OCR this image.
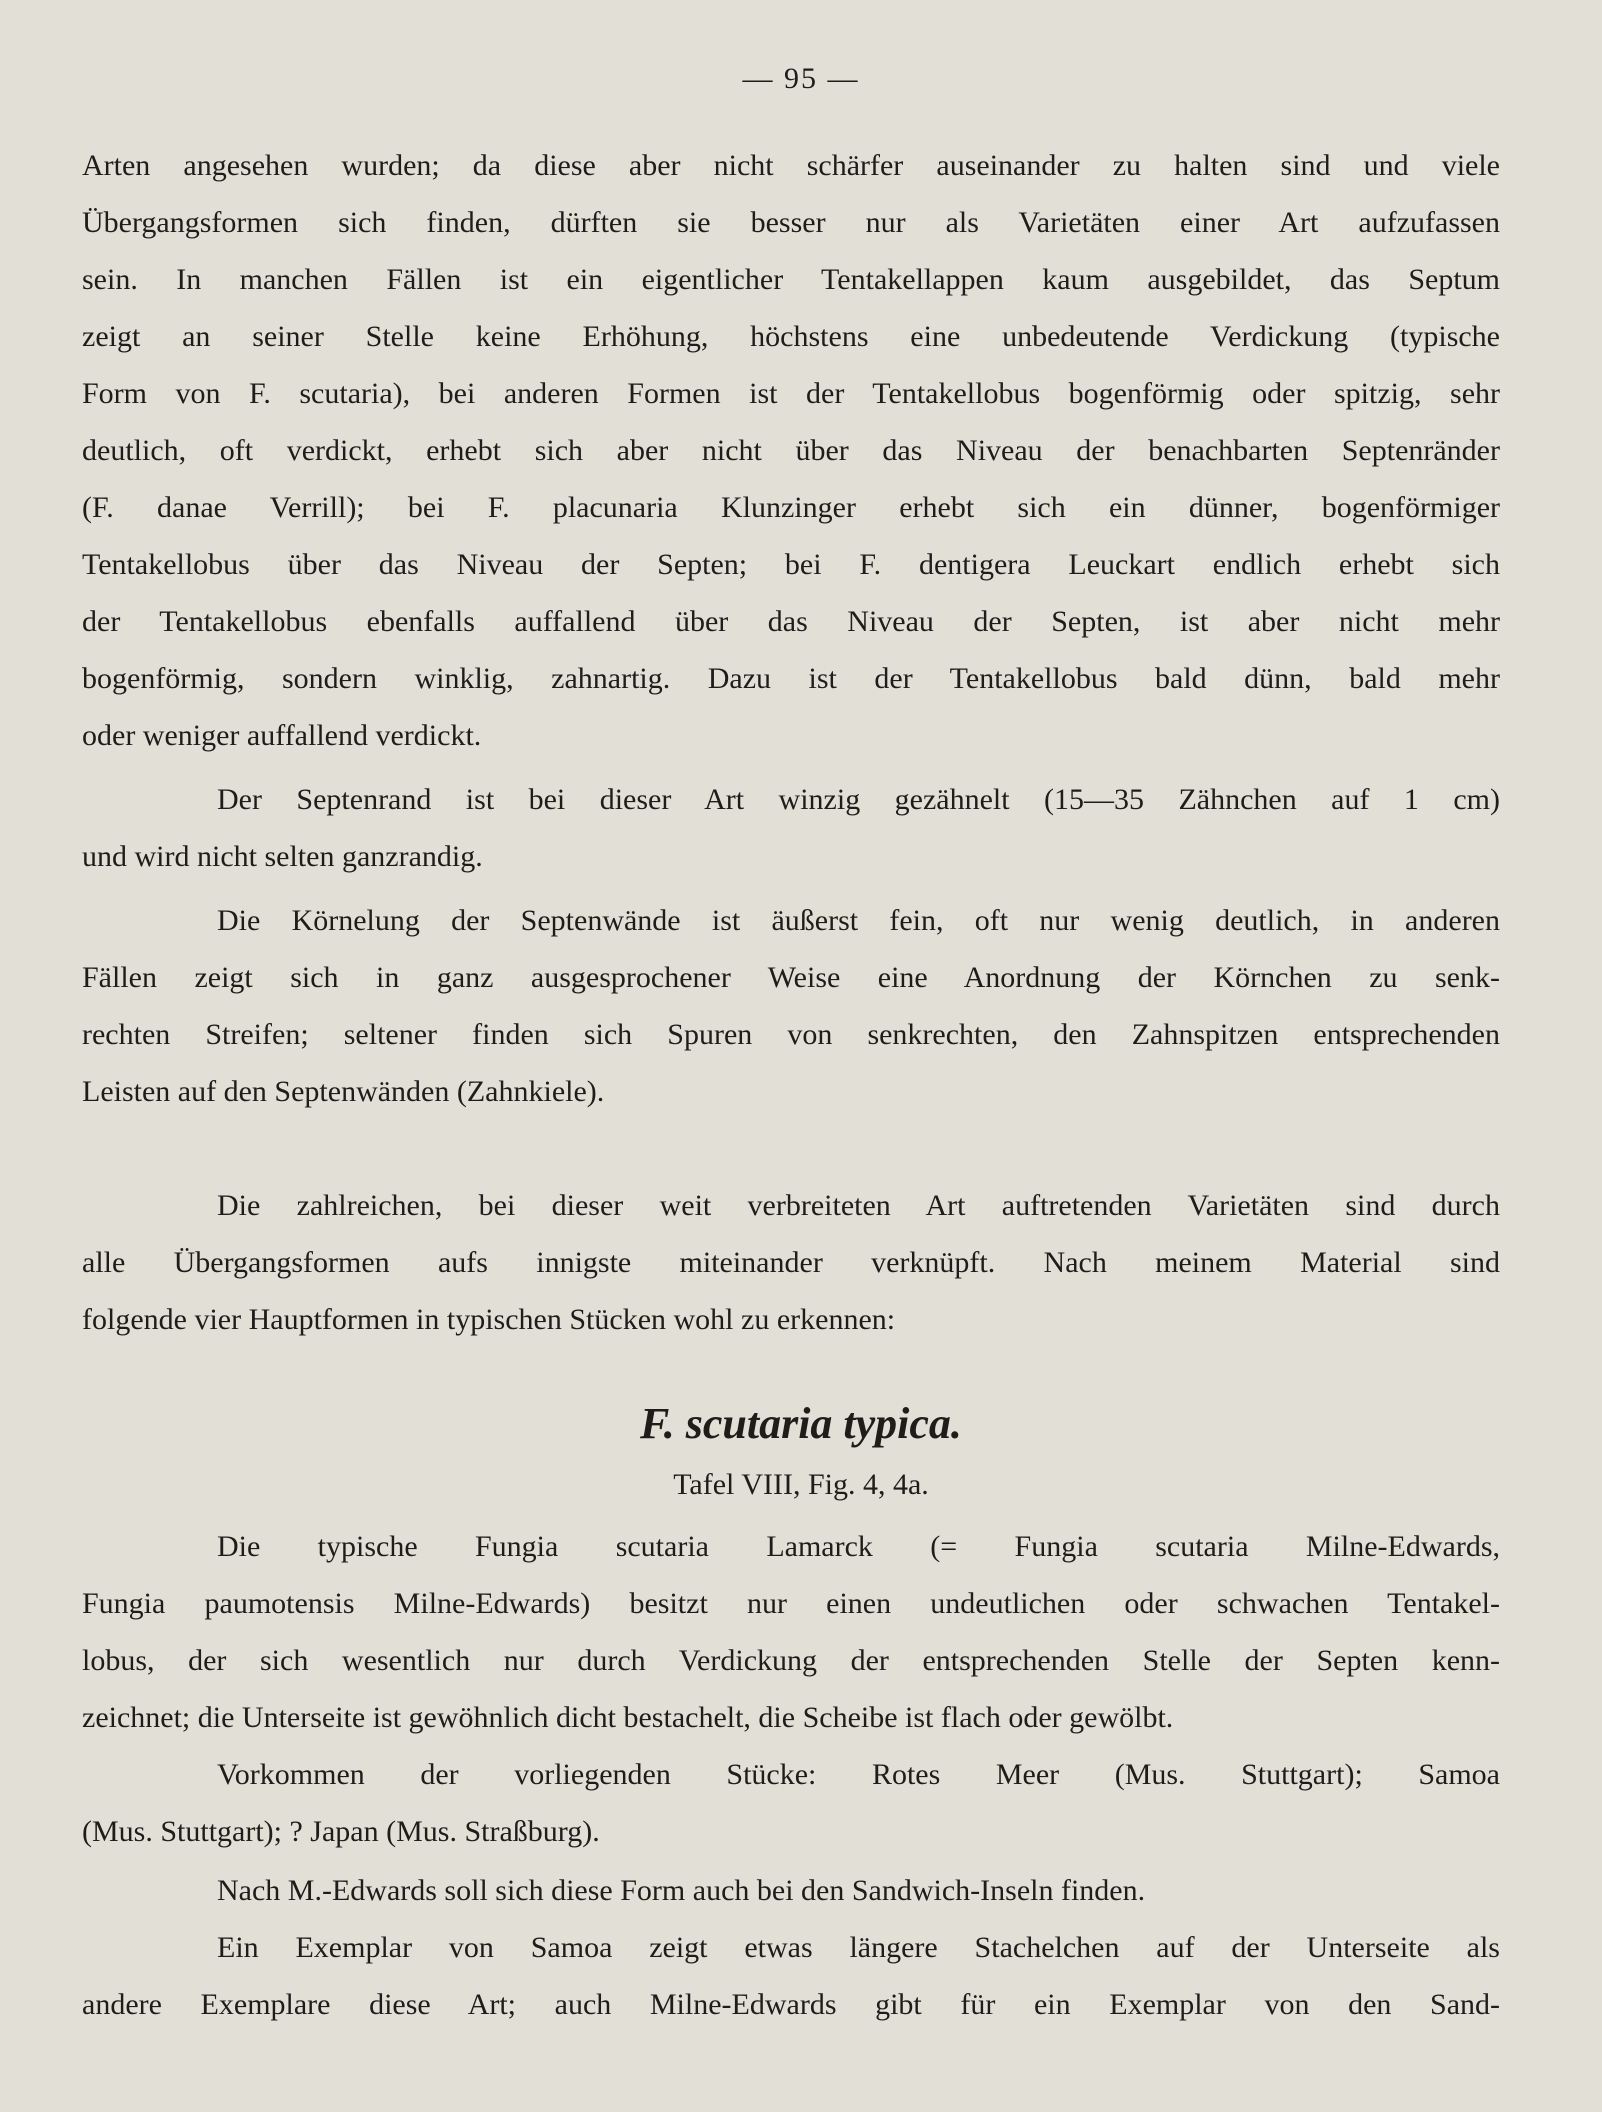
— 95 —
Arten angesehen wurden; da diese aber nicht schärfer auseinander zu halten sind und viele
Übergangsformen sich finden, dürften sie besser nur als Varietäten einer Art aufzufassen
sein. In manchen Fällen ist ein eigentlicher Tentakellappen kaum ausgebildet, das Septum
zeigt an seiner Stelle keine Erhöhung, höchstens eine unbedeutende Verdickung (typische
Form von F. scutaria), bei anderen Formen ist der Tentakellobus bogenförmig oder spitzig, sehr
deutlich, oft verdickt, erhebt sich aber nicht über das Niveau der benachbarten Septenränder
(F. danae Verrill); bei F. placunaria Klunzinger erhebt sich ein dünner, bogenförmiger
Tentakellobus über das Niveau der Septen; bei F. dentigera Leuckart endlich erhebt sich
der Tentakellobus ebenfalls auffallend über das Niveau der Septen, ist aber nicht mehr
bogenförmig, sondern winklig, zahnartig. Dazu ist der Tentakellobus bald dünn, bald mehr
oder weniger auffallend verdickt.
Der Septenrand ist bei dieser Art winzig gezähnelt (15—35 Zähnchen auf 1 cm)
und wird nicht selten ganzrandig.
Die Körnelung der Septenwände ist äußerst fein, oft nur wenig deutlich, in anderen
Fällen zeigt sich in ganz ausgesprochener Weise eine Anordnung der Körnchen zu senk-
rechten Streifen; seltener finden sich Spuren von senkrechten, den Zahnspitzen entsprechenden
Leisten auf den Septenwänden (Zahnkiele).
Die zahlreichen, bei dieser weit verbreiteten Art auftretenden Varietäten sind durch
alle Übergangsformen aufs innigste miteinander verknüpft. Nach meinem Material sind
folgende vier Hauptformen in typischen Stücken wohl zu erkennen:
F. scutaria typica.
Tafel VIII, Fig. 4, 4a.
Die typische Fungia scutaria Lamarck (= Fungia scutaria Milne-Edwards,
Fungia paumotensis Milne-Edwards) besitzt nur einen undeutlichen oder schwachen Tentakel-
lobus, der sich wesentlich nur durch Verdickung der entsprechenden Stelle der Septen kenn-
zeichnet; die Unterseite ist gewöhnlich dicht bestachelt, die Scheibe ist flach oder gewölbt.
Vorkommen der vorliegenden Stücke: Rotes Meer (Mus. Stuttgart); Samoa
(Mus. Stuttgart); ? Japan (Mus. Straßburg).
Nach M.-Edwards soll sich diese Form auch bei den Sandwich-Inseln finden.
Ein Exemplar von Samoa zeigt etwas längere Stachelchen auf der Unterseite als
andere Exemplare diese Art; auch Milne-Edwards gibt für ein Exemplar von den Sand-
